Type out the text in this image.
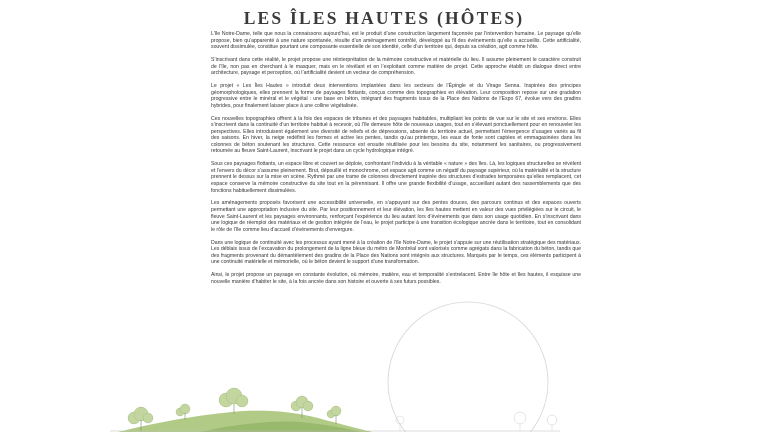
LES ÎLES HAUTES (HÔTES)

L’île Notre-Dame, telle que nous la connaissons aujourd’hui, est le produit d’une construction largement façonnée par l’intervention humaine. Le paysage qu’elle propose, bien qu’apparenté à une nature spontanée, résulte d’un aménagement contrôlé, développé au fil des événements qu’elle a accueillis. Cette artificialité, souvent dissimulée, constitue pourtant une composante essentielle de son identité, celle d’un territoire qui, depuis sa création, agit comme hôte.

S’inscrivant dans cette réalité, le projet propose une réinterprétation de la mémoire constructive et matérielle du lieu. Il assume pleinement le caractère construit de l’île, non pas en cherchant à le masquer, mais en le révélant et en l’exploitant comme matière de projet. Cette approche établit un dialogue direct entre architecture, paysage et perception, où l’artificialité devient un vecteur de compréhension.

Le projet « Les Îles Hautes » introduit deux interventions implantées dans les secteurs de l’Épingle et du Virage Senna. Inspirées des principes géomorphologiques, elles prennent la forme de paysages flottants, conçus comme des topographies en élévation. Leur composition repose sur une gradation progressive entre le minéral et le végétal : une base en béton, intégrant des fragments issus de la Place des Nations de l’Expo 67, évolue vers des gradins hybrides, pour finalement laisser place à une colline végétalisée.

Ces nouvelles topographies offrent à la fois des espaces de tribunes et des paysages habitables, multipliant les points de vue sur le site et ses environs. Elles s’inscrivent dans la continuité d’un territoire habitué à recevoir, où l’île demeure hôte de nouveaux usages, tout en s’élevant ponctuellement pour en renouveler les perspectives. Elles introduisent également une diversité de reliefs et de dépressions, absente du territoire actuel, permettant l’émergence d’usages variés au fil des saisons. En hiver, la neige redéfinit les formes et active les pentes, tandis qu’au printemps, les eaux de fonte sont captées et emmagasinées dans les colonnes de béton soutenant les structures. Cette ressource est ensuite réutilisée pour les besoins du site, notamment les sanitaires, ou progressivement retournée au fleuve Saint-Laurent, inscrivant le projet dans un cycle hydrologique intégré.

Sous ces paysages flottants, un espace libre et couvert se déploie, confrontant l’individu à la véritable « nature » des îles. Là, les logiques structurelles se révèlent et l’envers du décor s’assume pleinement. Brut, dépouillé et monochrome, cet espace agit comme un négatif du paysage supérieur, où la matérialité et la structure prennent le dessus sur la mise en scène. Rythmé par une trame de colonnes directement inspirée des structures d’estrades temporaires qu’elles remplacent, cet espace conserve la mémoire constructive du site tout en la pérennisant. Il offre une grande flexibilité d’usage, accueillant autant des rassemblements que des fonctions habituellement dissimulées.

Les aménagements proposés favorisent une accessibilité universelle, en s’appuyant sur des pentes douces, des parcours continus et des espaces ouverts permettant une appropriation inclusive du site. Par leur positionnement et leur élévation, les îles hautes mettent en valeur des vues privilégiées sur le circuit, le fleuve Saint-Laurent et les paysages environnants, renforçant l’expérience du lieu autant lors d’événements que dans son usage quotidien. En s’inscrivant dans une logique de réemploi des matériaux et de gestion intégrée de l’eau, le projet participe à une transition écologique ancrée dans le territoire, tout en consolidant le rôle de l’île comme lieu d’accueil d’événements d’envergure.

Dans une logique de continuité avec les processus ayant mené à la création de l’île Notre-Dame, le projet s’appuie sur une réutilisation stratégique des matériaux. Les déblais issus de l’excavation du prolongement de la ligne bleue du métro de Montréal sont valorisés comme agrégats dans la fabrication du béton, tandis que des fragments provenant du démantèlement des gradins de la Place des Nations sont intégrés aux structures. Marqués par le temps, ces éléments participent à une continuité matérielle et mémorielle, où le béton devient le support d’une transformation.

Ainsi, le projet propose un paysage en constante évolution, où mémoire, matière, eau et temporalité s’entrelacent. Entre île hôte et îles hautes, il esquisse une nouvelle manière d’habiter le site, à la fois ancrée dans son histoire et ouverte à ses futurs possibles.
